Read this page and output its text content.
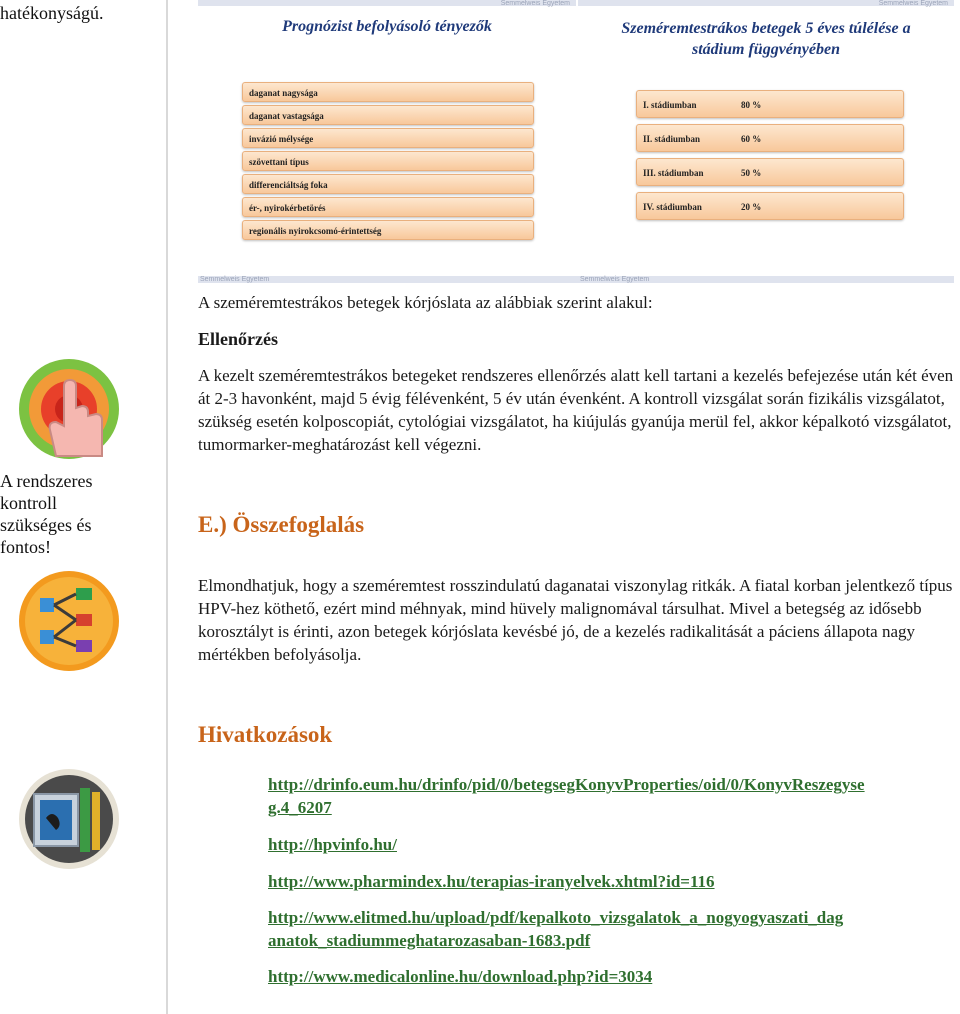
hatékonyságú.
A rendszeres
kontroll
szükséges és
fontos!
Semmelweis Egyetem
Prognózist befolyásoló tényezők
daganat nagysága
daganat vastagsága
invázió mélysége
szövettani típus
differenciáltság foka
ér-, nyirokérbetörés
regionális nyirokcsomó-érintettség
Semmelweis Egyetem
Szeméremtestrákos betegek 5 éves túlélése a
stádium függvényében
I. stádiumban	80 %
II. stádiumban	60 %
III. stádiumban	50 %
IV. stádiumban	20 %
Semmelweis Egyetem	Semmelweis Egyetem
A szeméremtestrákos betegek kórjóslata az alábbiak szerint alakul:
Ellenőrzés
A kezelt szeméremtestrákos betegeket rendszeres ellenőrzés alatt kell tartani a kezelés befejezése után két éven át 2-3 havonként, majd 5 évig félévenként, 5 év után évenként. A kontroll vizsgálat során fizikális vizsgálatot, szükség esetén kolposcopiát, cytológiai vizsgálatot, ha kiújulás gyanúja merül fel, akkor képalkotó vizsgálatot, tumormarker-meghatározást kell végezni.
E.) Összefoglalás
Elmondhatjuk, hogy a szeméremtest rosszindulatú daganatai viszonylag ritkák. A fiatal korban jelentkező típus HPV-hez köthető, ezért mind méhnyak, mind hüvely malignomával társulhat. Mivel a betegség az idősebb korosztályt is érinti, azon betegek kórjóslata kevésbé jó, de a kezelés radikalitását a páciens állapota nagy mértékben befolyásolja.
Hivatkozások
http://drinfo.eum.hu/drinfo/pid/0/betegsegKonyvProperties/oid/0/KonyvReszegyseg.4_6207
http://hpvinfo.hu/
http://www.pharmindex.hu/terapias-iranyelvek.xhtml?id=116
http://www.elitmed.hu/upload/pdf/kepalkoto_vizsgalatok_a_nogyogyaszati_daganatok_stadiummeghatarozasaban-1683.pdf
http://www.medicalonline.hu/download.php?id=3034
